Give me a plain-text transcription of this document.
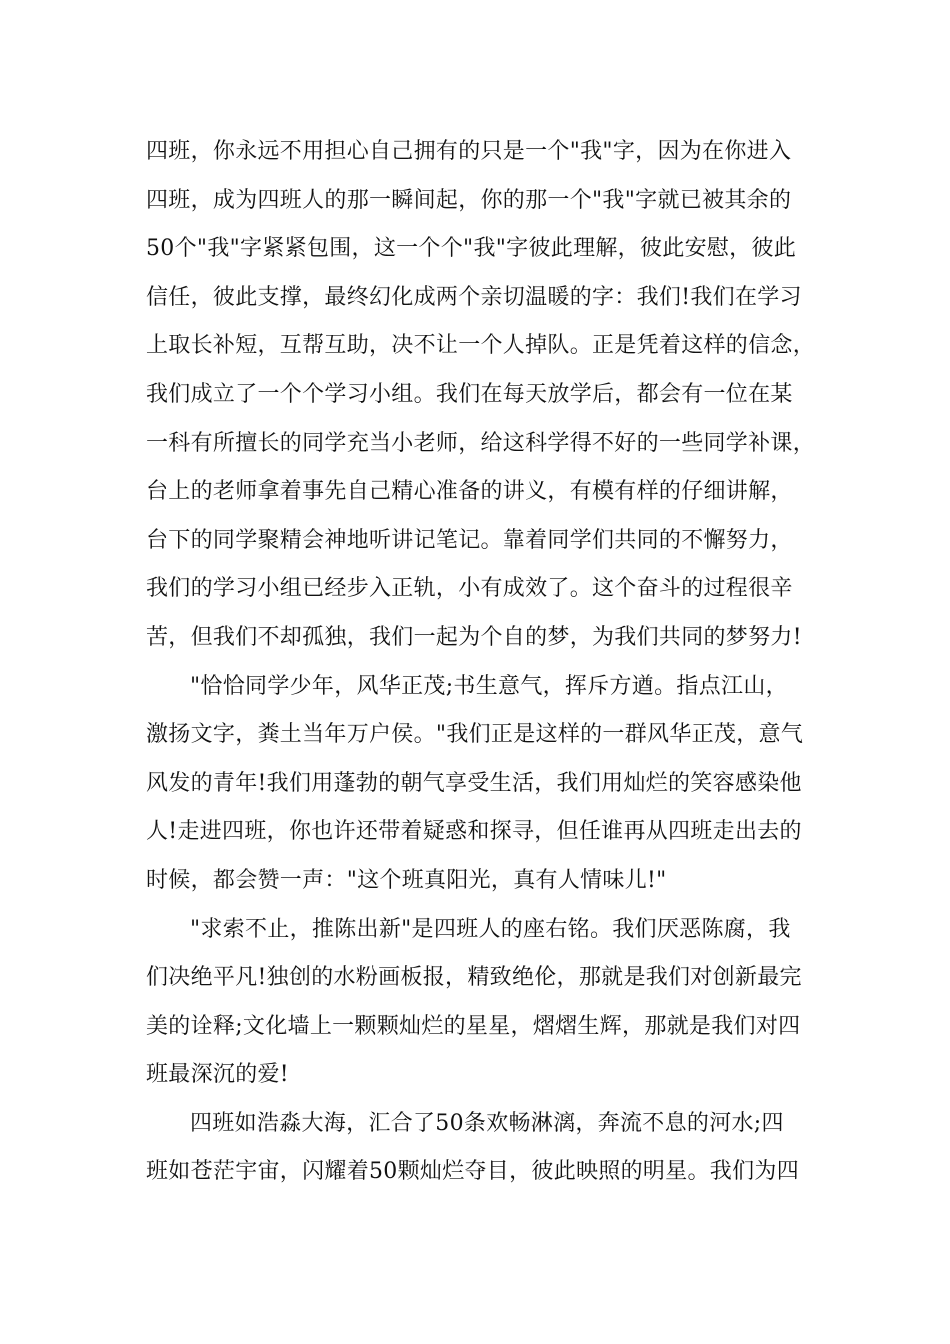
四班，你永远不用担心自己拥有的只是一个"我"字，因为在你进入
四班，成为四班人的那一瞬间起，你的那一个"我"字就已被其余的
50个"我"字紧紧包围，这一个个"我"字彼此理解，彼此安慰，彼此
信任，彼此支撑，最终幻化成两个亲切温暖的字：我们!我们在学习
上取长补短，互帮互助，决不让一个人掉队。正是凭着这样的信念，
我们成立了一个个学习小组。我们在每天放学后，都会有一位在某
一科有所擅长的同学充当小老师，给这科学得不好的一些同学补课，
台上的老师拿着事先自己精心准备的讲义，有模有样的仔细讲解，
台下的同学聚精会神地听讲记笔记。靠着同学们共同的不懈努力，
我们的学习小组已经步入正轨，小有成效了。这个奋斗的过程很辛
苦，但我们不却孤独，我们一起为个自的梦，为我们共同的梦努力!
"恰恰同学少年，风华正茂;书生意气，挥斥方遒。指点江山，
激扬文字，粪土当年万户侯。"我们正是这样的一群风华正茂，意气
风发的青年!我们用蓬勃的朝气享受生活，我们用灿烂的笑容感染他
人!走进四班，你也许还带着疑惑和探寻，但任谁再从四班走出去的
时候，都会赞一声："这个班真阳光，真有人情味儿!"
"求索不止，推陈出新"是四班人的座右铭。我们厌恶陈腐，我
们决绝平凡!独创的水粉画板报，精致绝伦，那就是我们对创新最完
美的诠释;文化墙上一颗颗灿烂的星星，熠熠生辉，那就是我们对四
班最深沉的爱!
四班如浩淼大海，汇合了50条欢畅淋漓，奔流不息的河水;四
班如苍茫宇宙，闪耀着50颗灿烂夺目，彼此映照的明星。我们为四
